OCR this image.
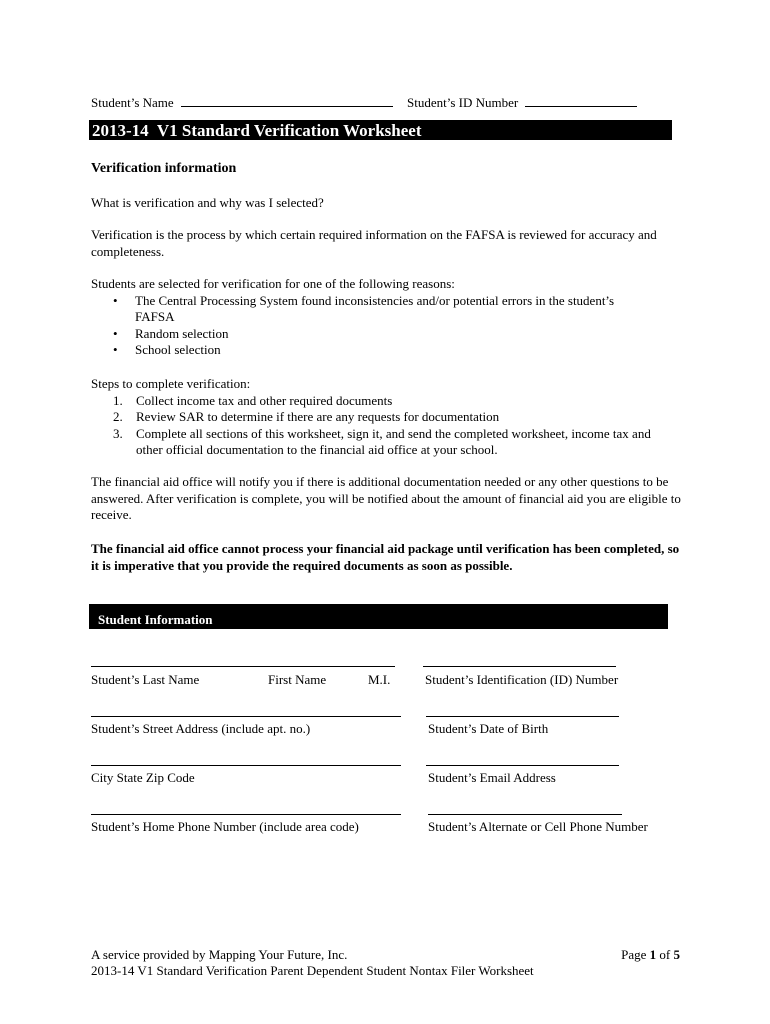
Student’s Name	Student’s ID Number
2013-14  V1 Standard Verification Worksheet
Verification information
What is verification and why was I selected?
Verification is the process by which certain required information on the FAFSA is reviewed for accuracy and completeness.
Students are selected for verification for one of the following reasons:
• The Central Processing System found inconsistencies and/or potential errors in the student’s FAFSA
• Random selection
• School selection
Steps to complete verification:
1. Collect income tax and other required documents
2. Review SAR to determine if there are any requests for documentation
3. Complete all sections of this worksheet, sign it, and send the completed worksheet, income tax and other official documentation to the financial aid office at your school.
The financial aid office will notify you if there is additional documentation needed or any other questions to be answered. After verification is complete, you will be notified about the amount of financial aid you are eligible to receive.
The financial aid office cannot process your financial aid package until verification has been completed, so it is imperative that you provide the required documents as soon as possible.
Student Information
Student’s Last Name	First Name	M.I.	Student’s Identification (ID) Number
Student’s Street Address (include apt. no.)	Student’s Date of Birth
City State Zip Code	Student’s Email Address
Student’s Home Phone Number (include area code)	Student’s Alternate or Cell Phone Number
A service provided by Mapping Your Future, Inc.
2013-14 V1 Standard Verification Parent Dependent Student Nontax Filer Worksheet
Page 1 of 5
